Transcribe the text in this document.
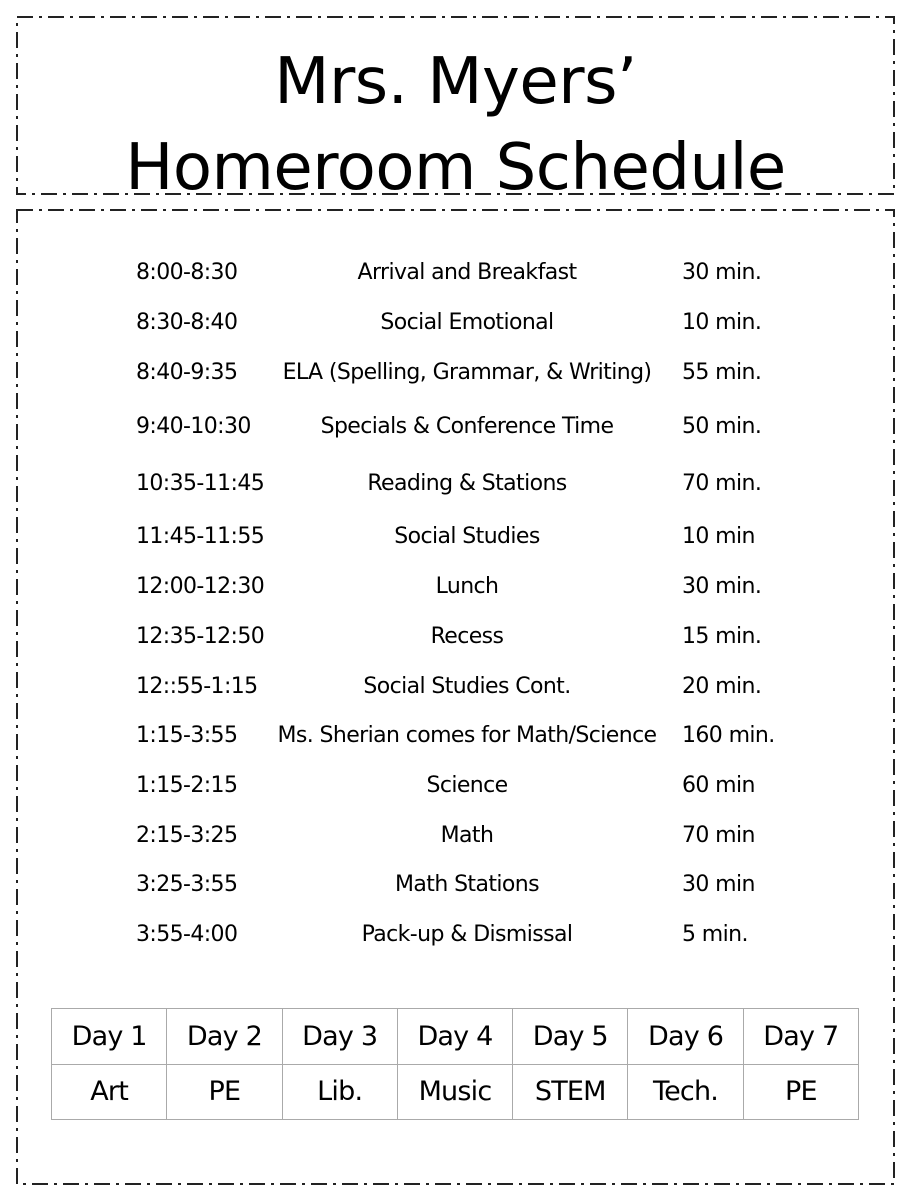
Mrs. Myers’
Homeroom Schedule
8:00-8:30	Arrival and Breakfast	30 min.
8:30-8:40	Social Emotional	10 min.
8:40-9:35	ELA (Spelling, Grammar, & Writing)	55 min.
9:40-10:30	Specials & Conference Time	50 min.
10:35-11:45	Reading & Stations	70 min.
11:45-11:55	Social Studies	10 min
12:00-12:30	Lunch	30 min.
12:35-12:50	Recess	15 min.
12::55-1:15	Social Studies Cont.	20 min.
1:15-3:55	Ms. Sherian comes for Math/Science	160 min.
1:15-2:15	Science	60 min
2:15-3:25	Math	70 min
3:25-3:55	Math Stations	30 min
3:55-4:00	Pack-up & Dismissal	5 min.
Day 1	Day 2	Day 3	Day 4	Day 5	Day 6	Day 7
Art	PE	Lib.	Music	STEM	Tech.	PE
